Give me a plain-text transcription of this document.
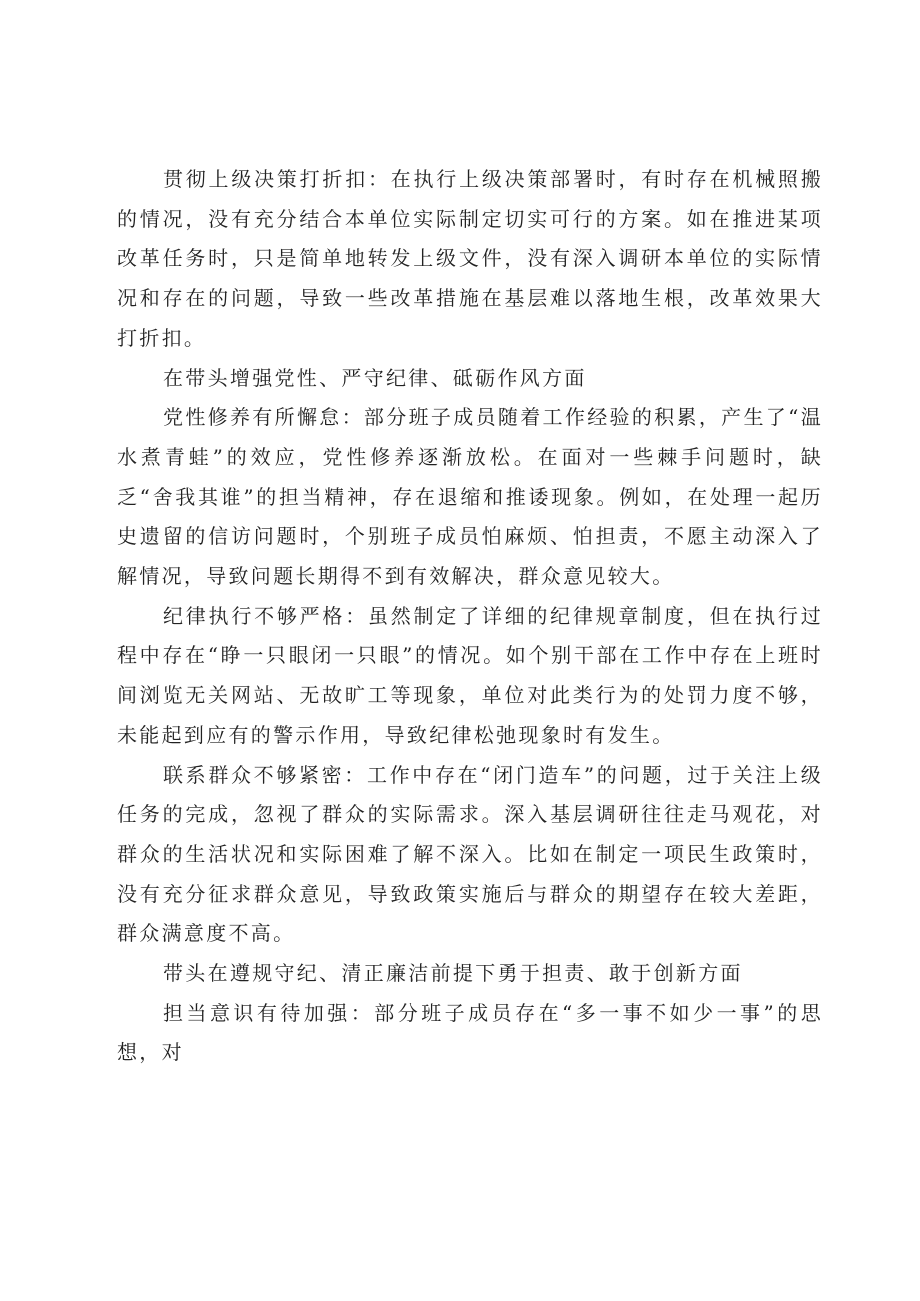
贯彻上级决策打折扣：在执行上级决策部署时，有时存在机械照搬的情况，没有充分结合本单位实际制定切实可行的方案。如在推进某项改革任务时，只是简单地转发上级文件，没有深入调研本单位的实际情况和存在的问题，导致一些改革措施在基层难以落地生根，改革效果大打折扣。

在带头增强党性、严守纪律、砥砺作风方面

党性修养有所懈怠：部分班子成员随着工作经验的积累，产生了“温水煮青蛙”的效应，党性修养逐渐放松。在面对一些棘手问题时，缺乏“舍我其谁”的担当精神，存在退缩和推诿现象。例如，在处理一起历史遗留的信访问题时，个别班子成员怕麻烦、怕担责，不愿主动深入了解情况，导致问题长期得不到有效解决，群众意见较大。

纪律执行不够严格：虽然制定了详细的纪律规章制度，但在执行过程中存在“睁一只眼闭一只眼”的情况。如个别干部在工作中存在上班时间浏览无关网站、无故旷工等现象，单位对此类行为的处罚力度不够，未能起到应有的警示作用，导致纪律松弛现象时有发生。

联系群众不够紧密：工作中存在“闭门造车”的问题，过于关注上级任务的完成，忽视了群众的实际需求。深入基层调研往往走马观花，对群众的生活状况和实际困难了解不深入。比如在制定一项民生政策时，没有充分征求群众意见，导致政策实施后与群众的期望存在较大差距，群众满意度不高。

带头在遵规守纪、清正廉洁前提下勇于担责、敢于创新方面

担当意识有待加强：部分班子成员存在“多一事不如少一事”的思想，对
